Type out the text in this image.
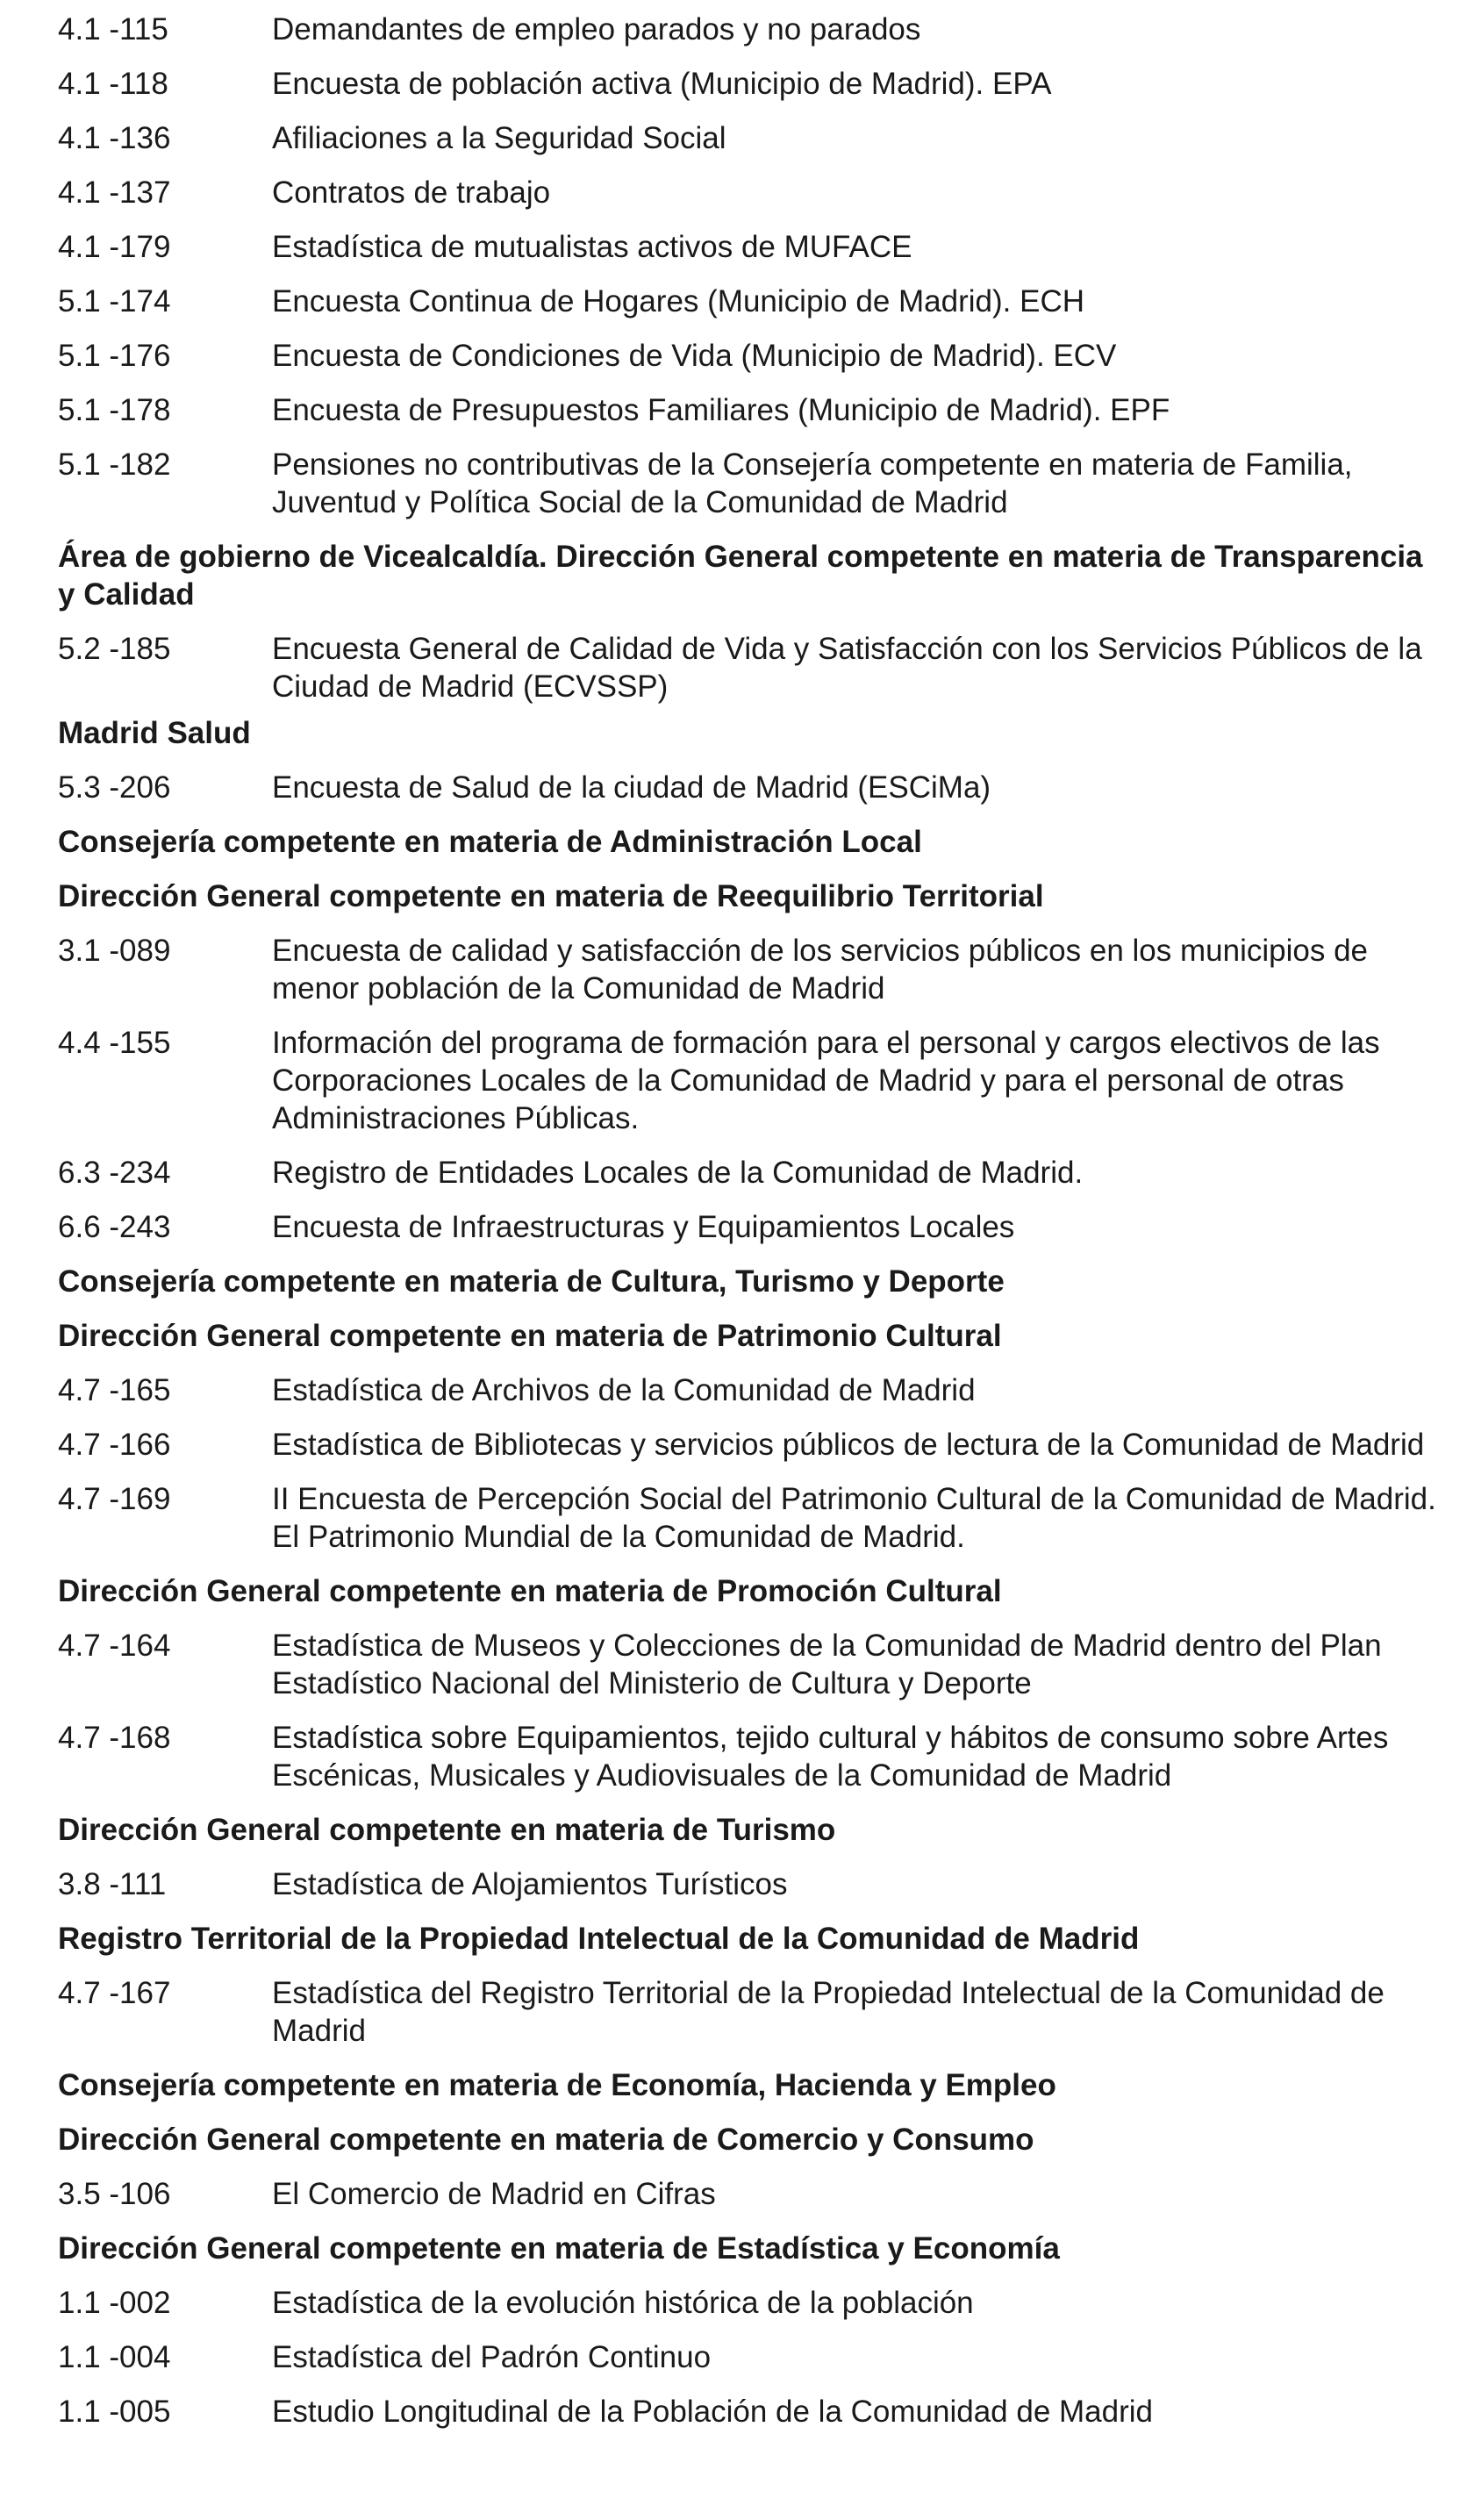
4.1 -115	Demandantes de empleo parados y no parados
4.1 -118	Encuesta de población activa (Municipio de Madrid). EPA
4.1 -136	Afiliaciones a la Seguridad Social
4.1 -137	Contratos de trabajo
4.1 -179	Estadística de mutualistas activos de MUFACE
5.1 -174	Encuesta Continua de Hogares (Municipio de Madrid). ECH
5.1 -176	Encuesta de Condiciones de Vida (Municipio de Madrid). ECV
5.1 -178	Encuesta de Presupuestos Familiares (Municipio de Madrid). EPF
5.1 -182	Pensiones no contributivas de la Consejería competente en materia de Familia, Juventud y Política Social de la Comunidad de Madrid
Área de gobierno de Vicealcaldía. Dirección General competente en materia de Transparencia y Calidad
5.2 -185	Encuesta General de Calidad de Vida y Satisfacción con los Servicios Públicos de la Ciudad de Madrid (ECVSSP)
Madrid Salud
5.3 -206	Encuesta de Salud de la ciudad de Madrid (ESCiMa)
Consejería competente en materia de Administración Local
Dirección General competente en materia de Reequilibrio Territorial
3.1 -089	Encuesta de calidad y satisfacción de los servicios públicos en los municipios de menor población de la Comunidad de Madrid
4.4 -155	Información del programa de formación para el personal y cargos electivos de las Corporaciones Locales de la Comunidad de Madrid y para el personal de otras Administraciones Públicas.
6.3 -234	Registro de Entidades Locales de la Comunidad de Madrid.
6.6 -243	Encuesta de Infraestructuras y Equipamientos Locales
Consejería competente en materia de Cultura, Turismo y Deporte
Dirección General competente en materia de Patrimonio Cultural
4.7 -165	Estadística de Archivos de la Comunidad de Madrid
4.7 -166	Estadística de Bibliotecas y servicios públicos de lectura de la Comunidad de Madrid
4.7 -169	II Encuesta de Percepción Social del Patrimonio Cultural de la Comunidad de Madrid. El Patrimonio Mundial de la Comunidad de Madrid.
Dirección General competente en materia de Promoción Cultural
4.7 -164	Estadística de Museos y Colecciones de la Comunidad de Madrid dentro del Plan Estadístico Nacional del Ministerio de Cultura y Deporte
4.7 -168	Estadística sobre Equipamientos, tejido cultural y hábitos de consumo sobre Artes Escénicas, Musicales y Audiovisuales de la Comunidad de Madrid
Dirección General competente en materia de Turismo
3.8 -111	Estadística de Alojamientos Turísticos
Registro Territorial de la Propiedad Intelectual de la Comunidad de Madrid
4.7 -167	Estadística del Registro Territorial de la Propiedad Intelectual de la Comunidad de Madrid
Consejería competente en materia de Economía, Hacienda y Empleo
Dirección General competente en materia de Comercio y Consumo
3.5 -106	El Comercio de Madrid en Cifras
Dirección General competente en materia de Estadística y Economía
1.1 -002	Estadística de la evolución histórica de la población
1.1 -004	Estadística del Padrón Continuo
1.1 -005	Estudio Longitudinal de la Población de la Comunidad de Madrid
